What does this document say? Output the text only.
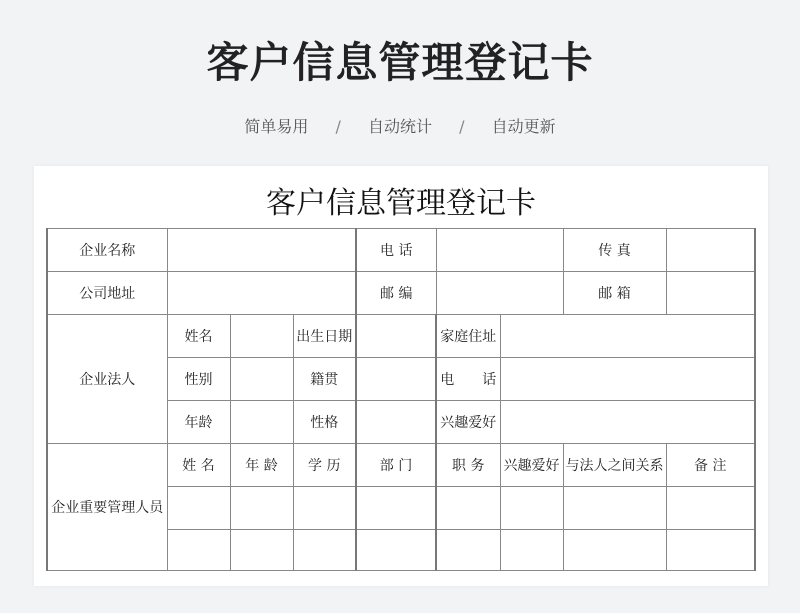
客户信息管理登记卡
简单易用 / 自动统计 / 自动更新
客户信息管理登记卡
企业名称				电 话			传 真	
公司地址				邮 编			邮 箱	
企业法人	姓名		出生日期		家庭住址			
	性别		籍贯		电　　话			
	年龄		性格		兴趣爱好			
企业重要管理人员	姓 名	年 龄	学 历	部 门	职 务	兴趣爱好	与法人之间关系	备 注
